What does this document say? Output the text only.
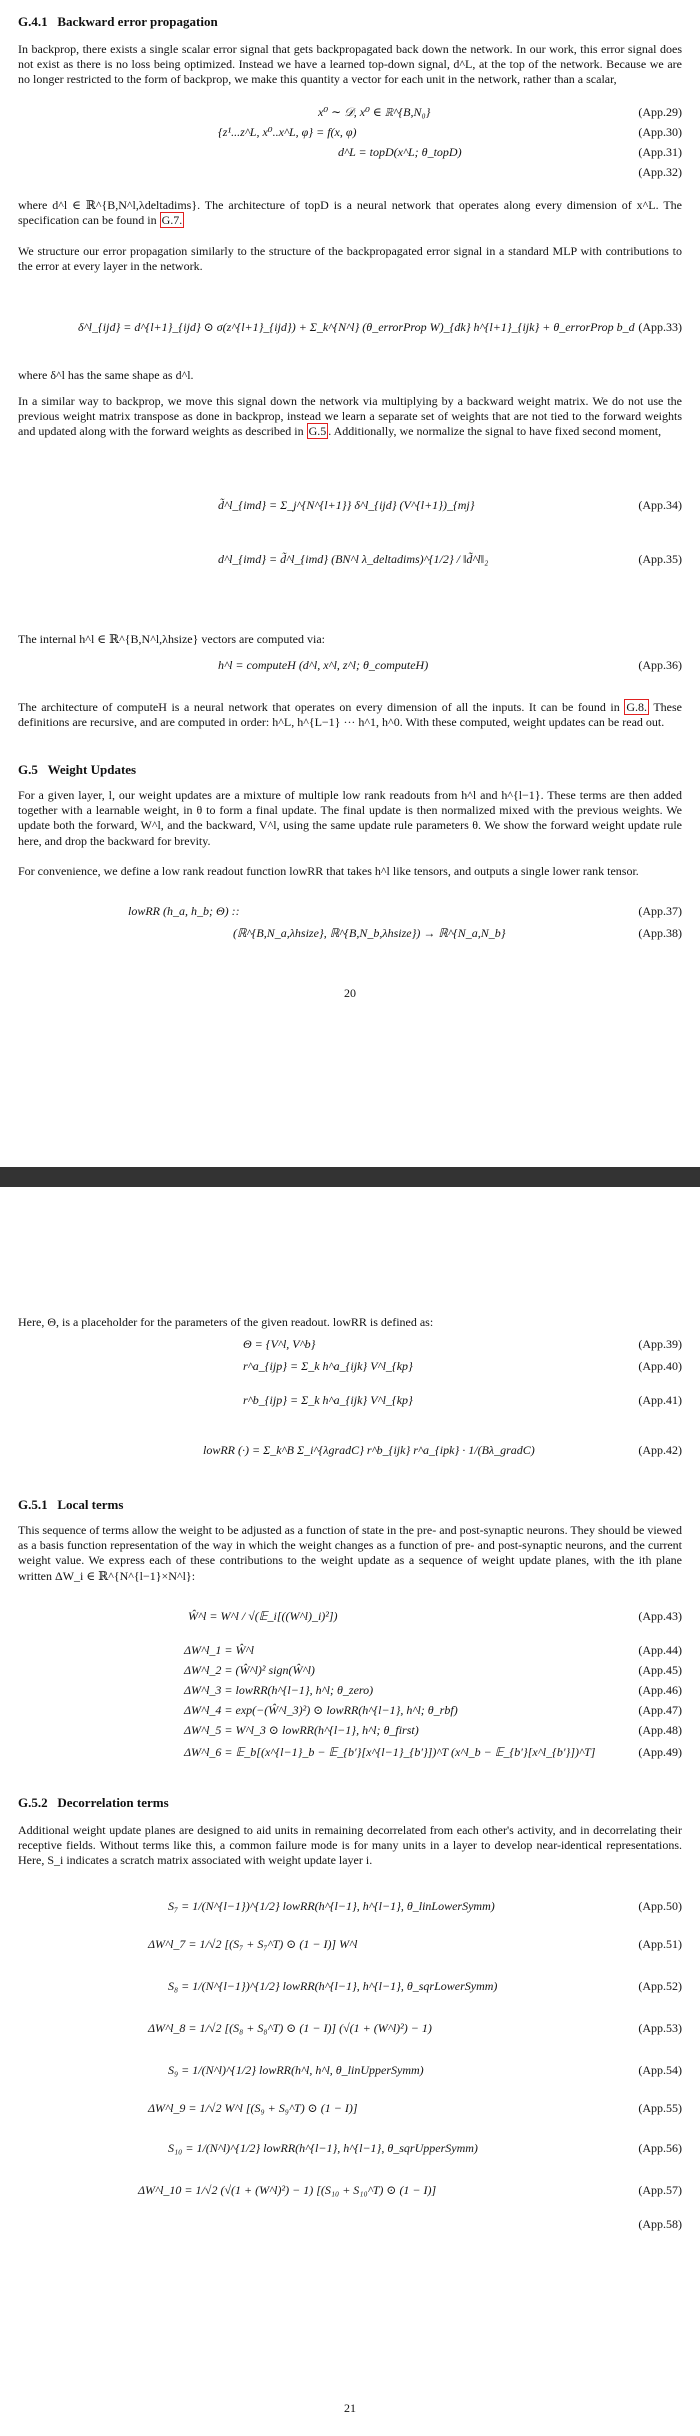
G.4.1 Backward error propagation

In backprop, there exists a single scalar error signal that gets backpropagated back down the network. In our work, this error signal does not exist as there is no loss being optimized. Instead we have a learned top-down signal, d^L, at the top of the network. Because we are no longer restricted to the form of backprop, we make this quantity a vector for each unit in the network, rather than a scalar,

x⁰ ∼ 𝒟, x⁰ ∈ ℝ^{B,N₀}	(App.29)
{z¹...z^L, x⁰..x^L, φ} = f(x, φ)	(App.30)
d^L = topD(x^L; θ_topD)	(App.31)
(App.32)

where d^l ∈ ℝ^{B,N^l,λdeltadims}. The architecture of topD is a neural network that operates along every dimension of x^L. The specification can be found in G.7.

We structure our error propagation similarly to the structure of the backpropagated error signal in a standard MLP with contributions to the error at every layer in the network.

δ^l_{ijd} = d^{l+1}_{ijd} ⊙ σ(z^{l+1}_{ijd}) + Σ_k^{N^l} (θ_errorProp W)_{dk} h^{l+1}_{ijk} + θ_errorProp b_d (App.33)

where δ^l has the same shape as d^l.

In a similar way to backprop, we move this signal down the network via multiplying by a backward weight matrix. We do not use the previous weight matrix transpose as done in backprop, instead we learn a separate set of weights that are not tied to the forward weights and updated along with the forward weights as described in G.5 . Additionally, we normalize the signal to have fixed second moment,

d̃^l_{imd} = Σ_j^{N^{l+1}} δ^l_{ijd} (V^{l+1})_{mj}	(App.34)
d^l_{imd} = d̃^l_{imd} (BN^l λ_deltadims)^{1/2} / ‖d̃^l‖₂	(App.35)

The internal h^l ∈ ℝ^{B,N^l,λhsize} vectors are computed via:

h^l = computeH (d^l, x^l, z^l; θ_computeH)	(App.36)

The architecture of computeH is a neural network that operates on every dimension of all the inputs. It can be found in G.8. These definitions are recursive, and are computed in order: h^L, h^{L−1} ··· h^1, h^0. With these computed, weight updates can be read out.

G.5 Weight Updates

For a given layer, l, our weight updates are a mixture of multiple low rank readouts from h^l and h^{l−1}. These terms are then added together with a learnable weight, in θ to form a final update. The final update is then normalized mixed with the previous weights. We update both the forward, W^l, and the backward, V^l, using the same update rule parameters θ. We show the forward weight update rule here, and drop the backward for brevity.

For convenience, we define a low rank readout function lowRR that takes h^l like tensors, and outputs a single lower rank tensor.

lowRR (h_a, h_b; Θ) ::	(App.37)
(ℝ^{B,N_a,λhsize}, ℝ^{B,N_b,λhsize}) → ℝ^{N_a,N_b}	(App.38)
20

Here, Θ, is a placeholder for the parameters of the given readout. lowRR is defined as:

Θ = {V^l, V^b}	(App.39)
r^a_{ijp} = Σ_k h^a_{ijk} V^l_{kp}	(App.40)
r^b_{ijp} = Σ_k h^a_{ijk} V^l_{kp}	(App.41)
lowRR (·) = Σ_k^B Σ_i^{λgradC} r^b_{ijk} r^a_{ipk} · 1/(Bλ_gradC)	(App.42)
G.5.1 Local terms

This sequence of terms allow the weight to be adjusted as a function of state in the pre- and post-synaptic neurons. They should be viewed as a basis function representation of the way in which the weight changes as a function of pre- and post-synaptic neurons, and the current weight value. We express each of these contributions to the weight update as a sequence of weight update planes, with the ith plane written ΔW_i ∈ ℝ^{N^{l−1}×N^l}:

Ŵ^l = W^l / √(𝔼_i[((W^l)_i)²])	(App.43)
ΔW^l_1 = Ŵ^l	(App.44)
ΔW^l_2 = (Ŵ^l)² sign(Ŵ^l)	(App.45)
ΔW^l_3 = lowRR(h^{l−1}, h^l; θ_zero)	(App.46)
ΔW^l_4 = exp(−(Ŵ^l_3)²) ⊙ lowRR(h^{l−1}, h^l; θ_rbf)	(App.47)
ΔW^l_5 = W^l_3 ⊙ lowRR(h^{l−1}, h^l; θ_first)	(App.48)
ΔW^l_6 = 𝔼_b[(x^{l−1}_b − 𝔼_{b′}[x^{l−1}_{b′}])^T (x^l_b − 𝔼_{b′}[x^l_{b′}])^T]	(App.49)
G.5.2 Decorrelation terms

Additional weight update planes are designed to aid units in remaining decorrelated from each other's activity, and in decorrelating their receptive fields. Without terms like this, a common failure mode is for many units in a layer to develop near-identical representations. Here, S_i indicates a scratch matrix associated with weight update layer i.

S₇ = 1/(N^{l−1})^{1/2} lowRR(h^{l−1}, h^{l−1}, θ_linLowerSymm)	(App.50)
ΔW^l_7 = 1/√2 [(S₇ + S₇^T) ⊙ (1 − I)] W^l	(App.51)
S₈ = 1/(N^{l−1})^{1/2} lowRR(h^{l−1}, h^{l−1}, θ_sqrLowerSymm)	(App.52)
ΔW^l_8 = 1/√2 [(S₈ + S₈^T) ⊙ (1 − I)] (√(1 + (W^l)²) − 1)	(App.53)
S₉ = 1/(N^l)^{1/2} lowRR(h^l, h^l, θ_linUpperSymm)	(App.54)
ΔW^l_9 = 1/√2 W^l [(S₉ + S₉^T) ⊙ (1 − I)]	(App.55)
S₁₀ = 1/(N^l)^{1/2} lowRR(h^{l−1}, h^{l−1}, θ_sqrUpperSymm)	(App.56)
ΔW^l_10 = 1/√2 (√(1 + (W^l)²) − 1) [(S₁₀ + S₁₀^T) ⊙ (1 − I)]	(App.57)
(App.58)
21
